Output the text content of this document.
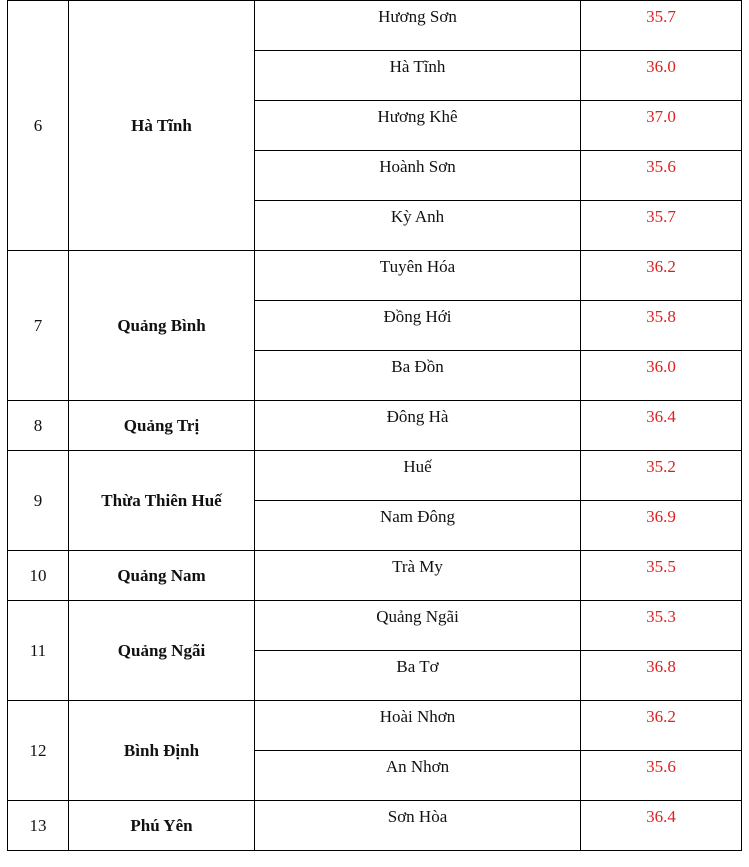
6	Hà Tĩnh	Hương Sơn	35.7
		Hà Tĩnh	36.0
		Hương Khê	37.0
		Hoành Sơn	35.6
		Kỳ Anh	35.7
7	Quảng Bình	Tuyên Hóa	36.2
		Đồng Hới	35.8
		Ba Đồn	36.0
8	Quảng Trị	Đông Hà	36.4
9	Thừa Thiên Huế	Huế	35.2
		Nam Đông	36.9
10	Quảng Nam	Trà My	35.5
11	Quảng Ngãi	Quảng Ngãi	35.3
		Ba Tơ	36.8
12	Bình Định	Hoài Nhơn	36.2
		An Nhơn	35.6
13	Phú Yên	Sơn Hòa	36.4
